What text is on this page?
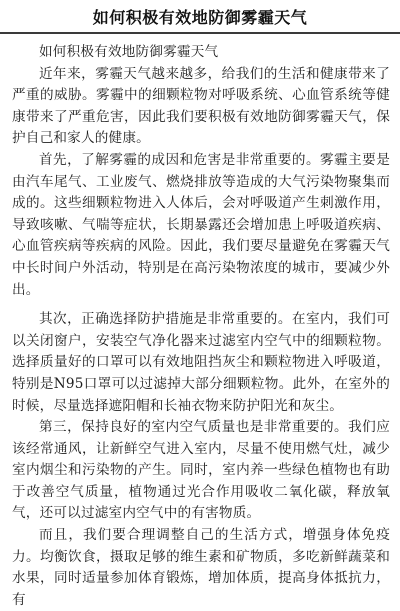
如何积极有效地防御雾霾天气

如何积极有效地防御雾霾天气

近年来，雾霾天气越来越多，给我们的生活和健康带来了严重的威胁。雾霾中的细颗粒物对呼吸系统、心血管系统等健康带来了严重危害，因此我们要积极有效地防御雾霾天气，保护自己和家人的健康。

首先，了解雾霾的成因和危害是非常重要的。雾霾主要是由汽车尾气、工业废气、燃烧排放等造成的大气污染物聚集而成的。这些细颗粒物进入人体后，会对呼吸道产生刺激作用，导致咳嗽、气喘等症状，长期暴露还会增加患上呼吸道疾病、心血管疾病等疾病的风险。因此，我们要尽量避免在雾霾天气中长时间户外活动，特别是在高污染物浓度的城市，要减少外出。

其次，正确选择防护措施是非常重要的。在室内，我们可以关闭窗户，安装空气净化器来过滤室内空气中的细颗粒物。选择质量好的口罩可以有效地阻挡灰尘和颗粒物进入呼吸道，特别是N95口罩可以过滤掉大部分细颗粒物。此外，在室外的时候，尽量选择遮阳帽和长袖衣物来防护阳光和灰尘。

第三，保持良好的室内空气质量也是非常重要的。我们应该经常通风，让新鲜空气进入室内，尽量不使用燃气灶，减少室内烟尘和污染物的产生。同时，室内养一些绿色植物也有助于改善空气质量，植物通过光合作用吸收二氧化碳，释放氧气，还可以过滤室内空气中的有害物质。

而且，我们要合理调整自己的生活方式，增强身体免疫力。均衡饮食，摄取足够的维生素和矿物质，多吃新鲜蔬菜和水果，同时适量参加体育锻炼，增加体质，提高身体抵抗力，有
